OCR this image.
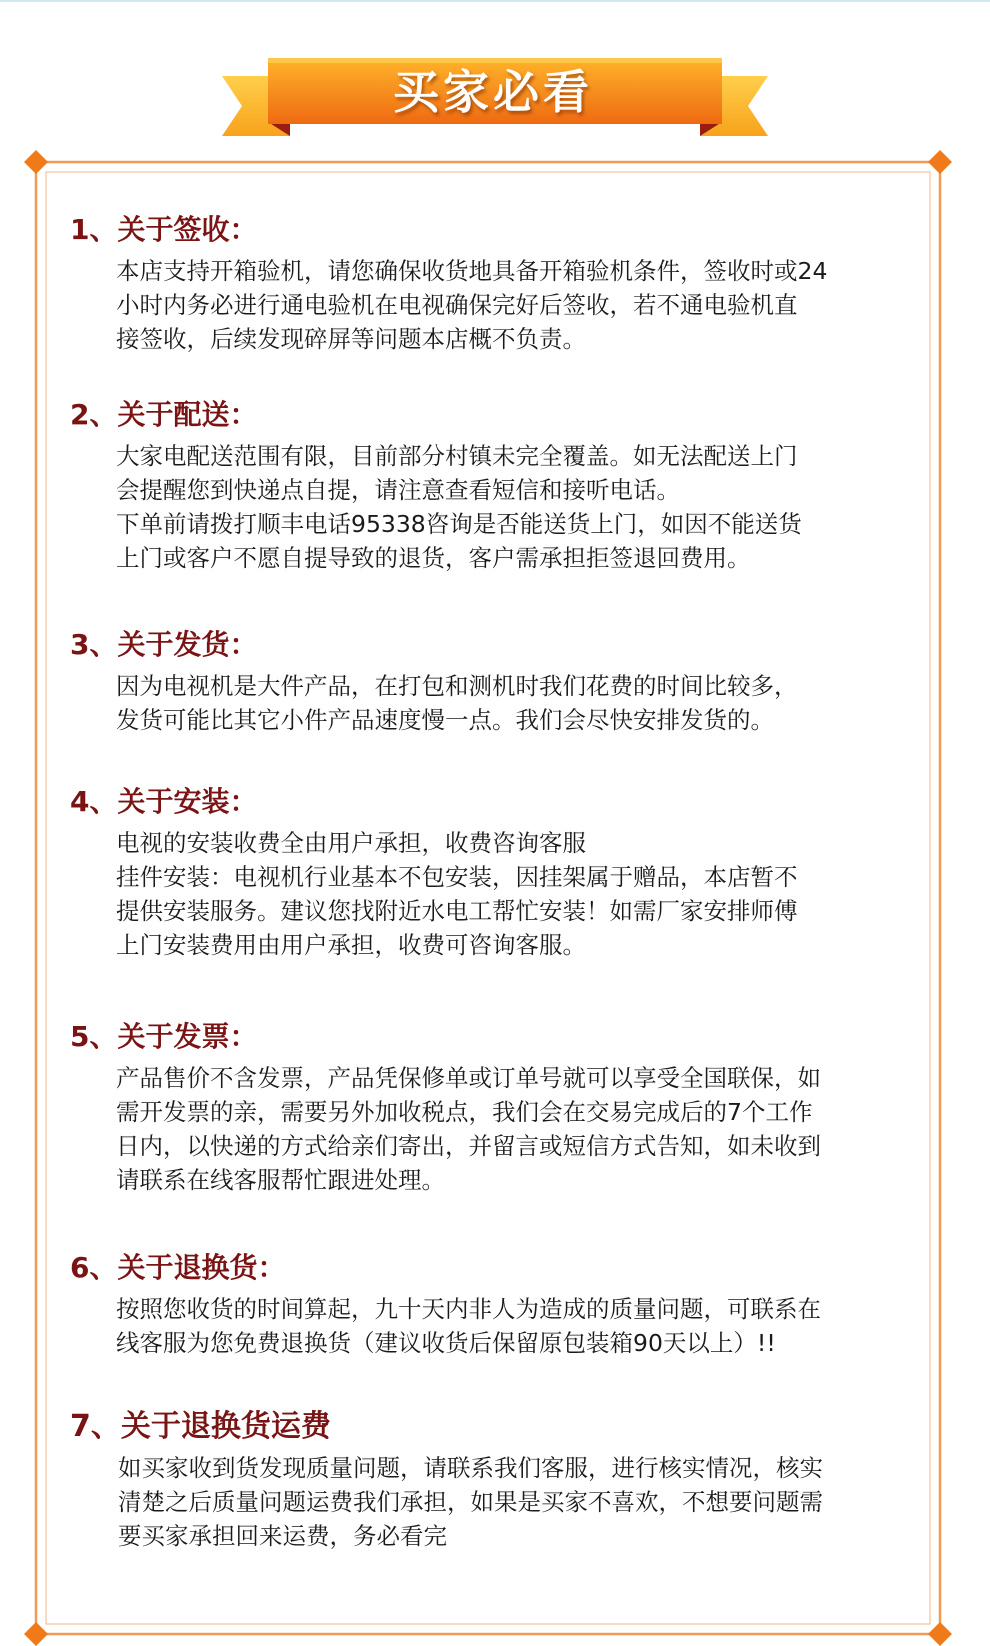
买家必看
1、关于签收：
本店支持开箱验机，请您确保收货地具备开箱验机条件，签收时或24
小时内务必进行通电验机在电视确保完好后签收，若不通电验机直
接签收，后续发现碎屏等问题本店概不负责。
2、关于配送：
大家电配送范围有限，目前部分村镇未完全覆盖。如无法配送上门
会提醒您到快递点自提，请注意查看短信和接听电话。
下单前请拨打顺丰电话95338咨询是否能送货上门，如因不能送货
上门或客户不愿自提导致的退货，客户需承担拒签退回费用。
3、关于发货：
因为电视机是大件产品，在打包和测机时我们花费的时间比较多，
发货可能比其它小件产品速度慢一点。我们会尽快安排发货的。
4、关于安装：
电视的安装收费全由用户承担，收费咨询客服
挂件安装：电视机行业基本不包安装，因挂架属于赠品，本店暂不
提供安装服务。建议您找附近水电工帮忙安装！如需厂家安排师傅
上门安装费用由用户承担，收费可咨询客服。
5、关于发票：
产品售价不含发票，产品凭保修单或订单号就可以享受全国联保，如
需开发票的亲，需要另外加收税点，我们会在交易完成后的7个工作
日内，以快递的方式给亲们寄出，并留言或短信方式告知，如未收到
请联系在线客服帮忙跟进处理。
6、关于退换货：
按照您收货的时间算起，九十天内非人为造成的质量问题，可联系在
线客服为您免费退换货（建议收货后保留原包装箱90天以上）!!
7、关于退换货运费
如买家收到货发现质量问题，请联系我们客服，进行核实情况，核实
清楚之后质量问题运费我们承担，如果是买家不喜欢，不想要问题需
要买家承担回来运费，务必看完
